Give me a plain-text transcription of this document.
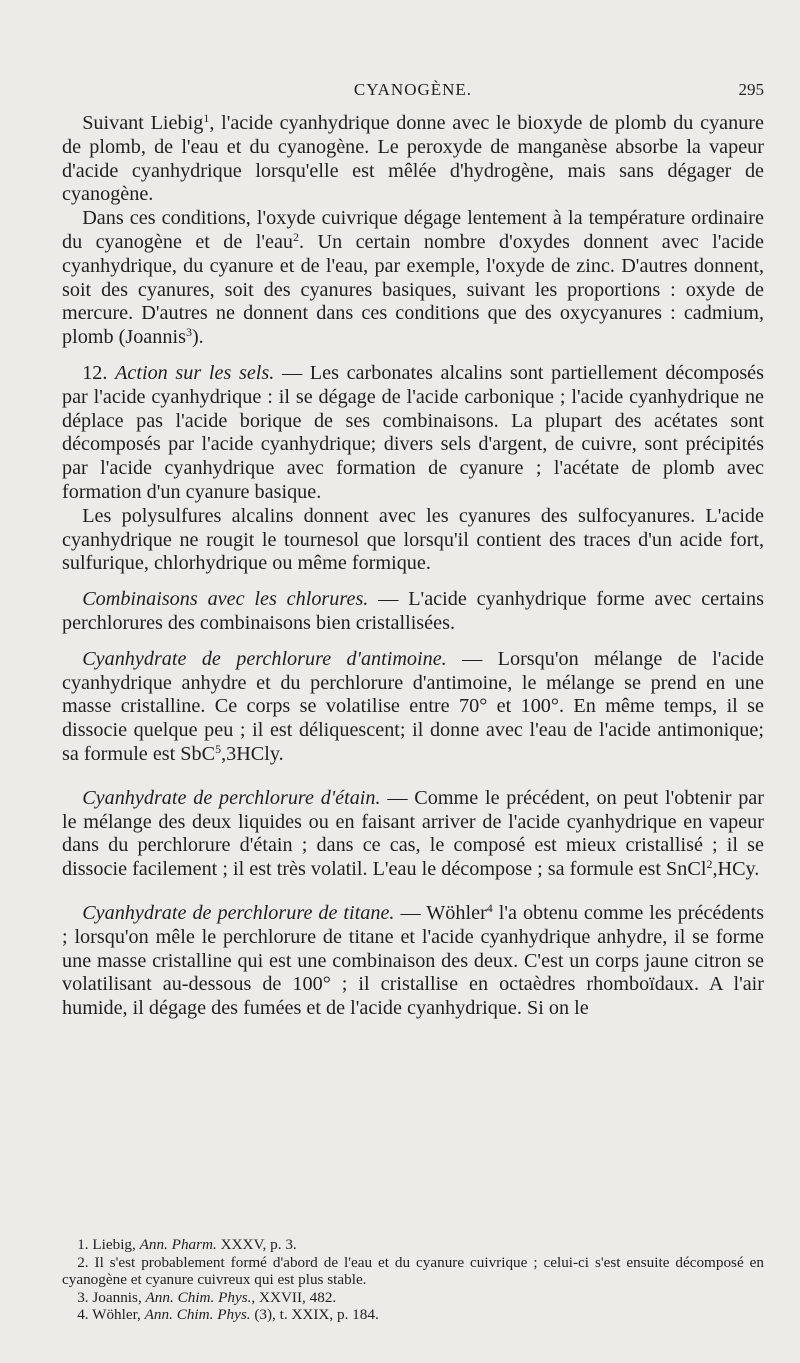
CYANOGÈNE.	295

 Suivant Liebig$^1$, l'acide cyanhydrique donne avec le bioxyde de plomb du cyanure de plomb, de l'eau et du cyanogène. Le peroxyde de manganèse absorbe la vapeur d'acide cyanhydrique lorsqu'elle est mêlée d'hydrogène, mais sans dégager de cyanogène.

 Dans ces conditions, l'oxyde cuivrique dégage lentement à la température ordinaire du cyanogène et de l'eau$^2$. Un certain nombre d'oxydes donnent avec l'acide cyanhydrique, du cyanure et de l'eau, par exemple, l'oxyde de zinc. D'autres donnent, soit des cyanures, soit des cyanures basiques, suivant les proportions : oxyde de mercure. D'autres ne donnent dans ces conditions que des oxycyanures : cadmium, plomb (Joannis$^3$).

 12. Action sur les sels. — Les carbonates alcalins sont partiellement décomposés par l'acide cyanhydrique : il se dégage de l'acide carbonique ; l'acide cyanhydrique ne déplace pas l'acide borique de ses combinaisons. La plupart des acétates sont décomposés par l'acide cyanhydrique; divers sels d'argent, de cuivre, sont précipités par l'acide cyanhydrique avec formation de cyanure ; l'acétate de plomb avec formation d'un cyanure basique.

 Les polysulfures alcalins donnent avec les cyanures des sulfocyanures. L'acide cyanhydrique ne rougit le tournesol que lorsqu'il contient des traces d'un acide fort, sulfurique, chlorhydrique ou même formique.

 Combinaisons avec les chlorures. — L'acide cyanhydrique forme avec certains perchlorures des combinaisons bien cristallisées.

 Cyanhydrate de perchlorure d'antimoine. — Lorsqu'on mélange de l'acide cyanhydrique anhydre et du perchlorure d'antimoine, le mélange se prend en une masse cristalline. Ce corps se volatilise entre 70° et 100°. En même temps, il se dissocie quelque peu ; il est déliquescent; il donne avec l'eau de l'acide antimonique; sa formule est SbC$^5$,3HCly.

 Cyanhydrate de perchlorure d'étain. — Comme le précédent, on peut l'obtenir par le mélange des deux liquides ou en faisant arriver de l'acide cyanhydrique en vapeur dans du perchlorure d'étain ; dans ce cas, le composé est mieux cristallisé ; il se dissocie facilement ; il est très volatil. L'eau le décompose ; sa formule est SnCl$^2$,HCy.

 Cyanhydrate de perchlorure de titane. — Wöhler$^4$ l'a obtenu comme les précédents ; lorsqu'on mêle le perchlorure de titane et l'acide cyanhydrique anhydre, il se forme une masse cristalline qui est une combinaison des deux. C'est un corps jaune citron se volatilisant au-dessous de 100° ; il cristallise en octaèdres rhomboïdaux. A l'air humide, il dégage des fumées et de l'acide cyanhydrique. Si on le

 1. Liebig, Ann. Pharm. XXXV, p. 3.

 2. Il s'est probablement formé d'abord de l'eau et du cyanure cuivrique ; celui-ci s'est ensuite décomposé en cyanogène et cyanure cuivreux qui est plus stable.

 3. Joannis, Ann. Chim. Phys., XXVII, 482.

 4. Wöhler, Ann. Chim. Phys. (3), t. XXIX, p. 184.
